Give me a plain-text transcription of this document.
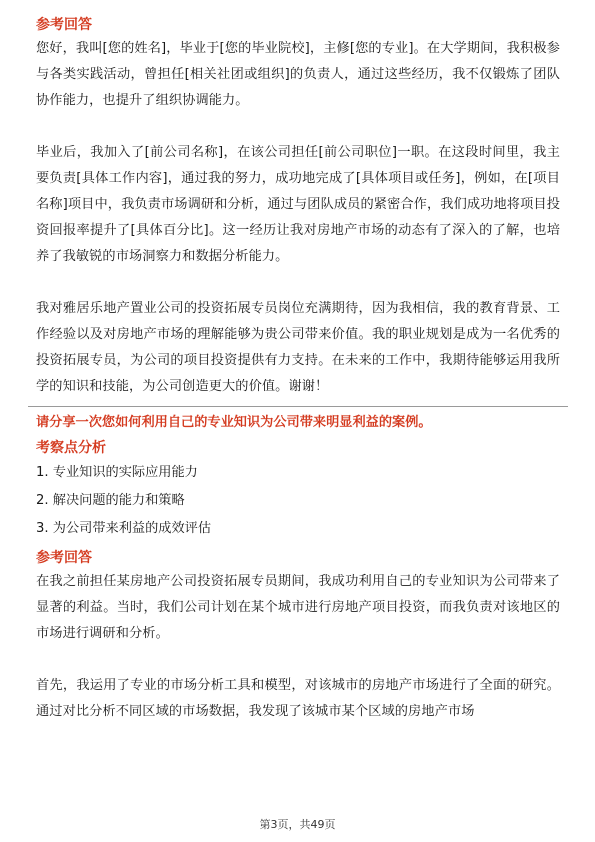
参考回答

您好，我叫[您的姓名]，毕业于[您的毕业院校]，主修[您的专业]。在大学期间，我积极参与各类实践活动，曾担任[相关社团或组织]的负责人，通过这些经历，我不仅锻炼了团队协作能力，也提升了组织协调能力。

毕业后，我加入了[前公司名称]，在该公司担任[前公司职位]一职。在这段时间里，我主要负责[具体工作内容]，通过我的努力，成功地完成了[具体项目或任务]，例如，在[项目名称]项目中，我负责市场调研和分析，通过与团队成员的紧密合作，我们成功地将项目投资回报率提升了[具体百分比]。这一经历让我对房地产市场的动态有了深入的了解，也培养了我敏锐的市场洞察力和数据分析能力。

我对雅居乐地产置业公司的投资拓展专员岗位充满期待，因为我相信，我的教育背景、工作经验以及对房地产市场的理解能够为贵公司带来价值。我的职业规划是成为一名优秀的投资拓展专员，为公司的项目投资提供有力支持。在未来的工作中，我期待能够运用我所学的知识和技能，为公司创造更大的价值。谢谢！

请分享一次您如何利用自己的专业知识为公司带来明显利益的案例。
考察点分析
1. 专业知识的实际应用能力
2. 解决问题的能力和策略
3. 为公司带来利益的成效评估
参考回答

在我之前担任某房地产公司投资拓展专员期间，我成功利用自己的专业知识为公司带来了显著的利益。当时，我们公司计划在某个城市进行房地产项目投资，而我负责对该地区的市场进行调研和分析。

首先，我运用了专业的市场分析工具和模型，对该城市的房地产市场进行了全面的研究。通过对比分析不同区域的市场数据，我发现了该城市某个区域的房地产市场

第3页，共49页
